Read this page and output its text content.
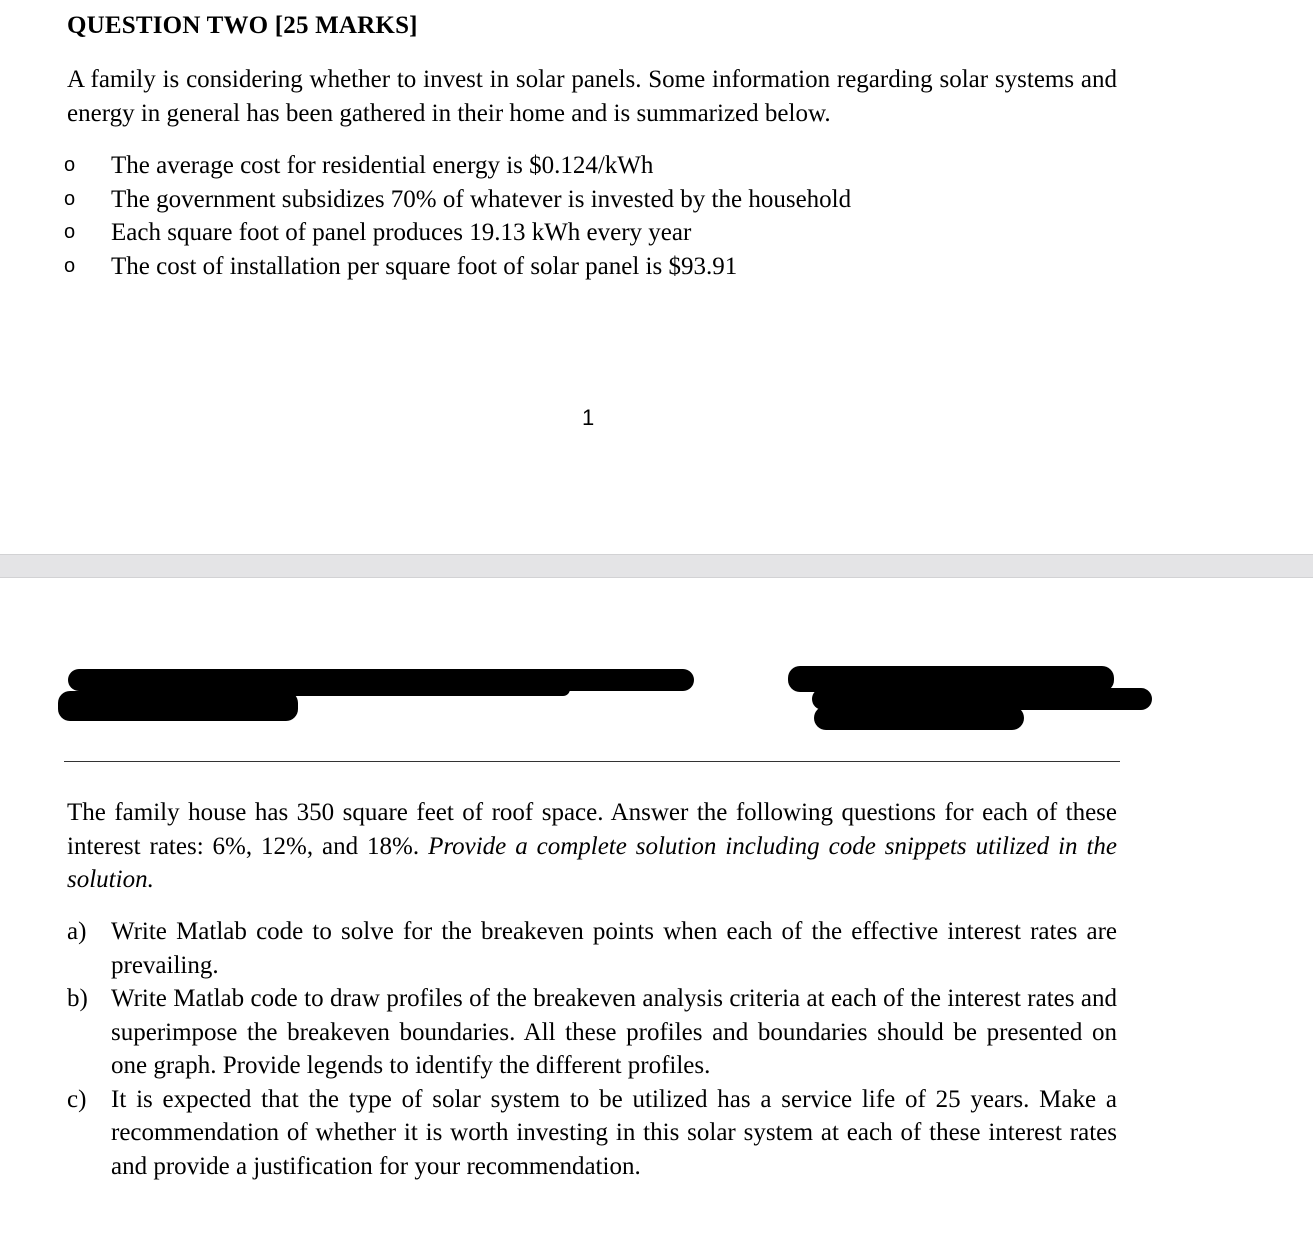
QUESTION TWO [25 MARKS]

A family is considering whether to invest in solar panels. Some information regarding solar systems and energy in general has been gathered in their home and is summarized below.

o The average cost for residential energy is $0.124/kWh
o The government subsidizes 70% of whatever is invested by the household
o Each square foot of panel produces 19.13 kWh every year
o The cost of installation per square foot of solar panel is $93.91
1

The family house has 350 square feet of roof space. Answer the following questions for each of these interest rates: 6%, 12%, and 18%. Provide a complete solution including code snippets utilized in the solution.

a) Write Matlab code to solve for the breakeven points when each of the effective interest rates are prevailing.
b) Write Matlab code to draw profiles of the breakeven analysis criteria at each of the interest rates and superimpose the breakeven boundaries. All these profiles and boundaries should be presented on one graph. Provide legends to identify the different profiles.
c) It is expected that the type of solar system to be utilized has a service life of 25 years. Make a recommendation of whether it is worth investing in this solar system at each of these interest rates and provide a justification for your recommendation.
